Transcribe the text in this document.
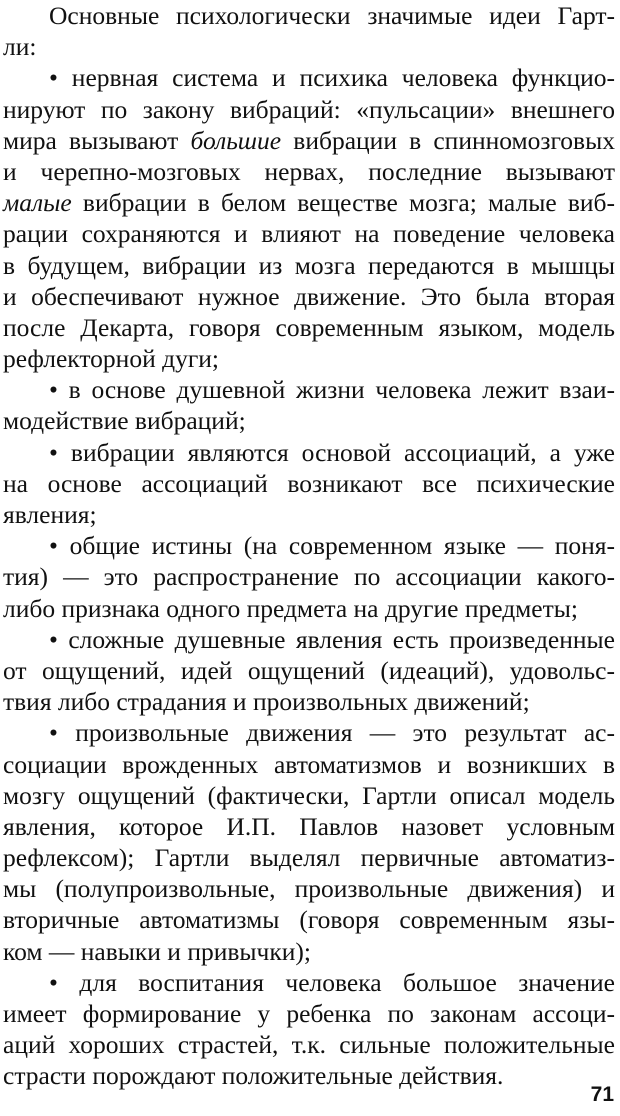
Основные психологически значимые идеи Гарт-
ли:
• нервная система и психика человека функцио-
нируют по закону вибраций: «пульсации» внешнего
мира вызывают большие вибрации в спинномозговых
и черепно-мозговых нервах, последние вызывают
малые вибрации в белом веществе мозга; малые виб-
рации сохраняются и влияют на поведение человека
в будущем, вибрации из мозга передаются в мышцы
и обеспечивают нужное движение. Это была вторая
после Декарта, говоря современным языком, модель
рефлекторной дуги;
• в основе душевной жизни человека лежит взаи-
модействие вибраций;
• вибрации являются основой ассоциаций, а уже
на основе ассоциаций возникают все психические
явления;
• общие истины (на современном языке — поня-
тия) — это распространение по ассоциации какого-
либо признака одного предмета на другие предметы;
• сложные душевные явления есть произведенные
от ощущений, идей ощущений (идеаций), удовольс-
твия либо страдания и произвольных движений;
• произвольные движения — это результат ас-
социации врожденных автоматизмов и возникших в
мозгу ощущений (фактически, Гартли описал модель
явления, которое И.П. Павлов назовет условным
рефлексом); Гартли выделял первичные автоматиз-
мы (полупроизвольные, произвольные движения) и
вторичные автоматизмы (говоря современным язы-
ком — навыки и привычки);
• для воспитания человека большое значение
имеет формирование у ребенка по законам ассоци-
аций хороших страстей, т.к. сильные положительные
страсти порождают положительные действия.
71
